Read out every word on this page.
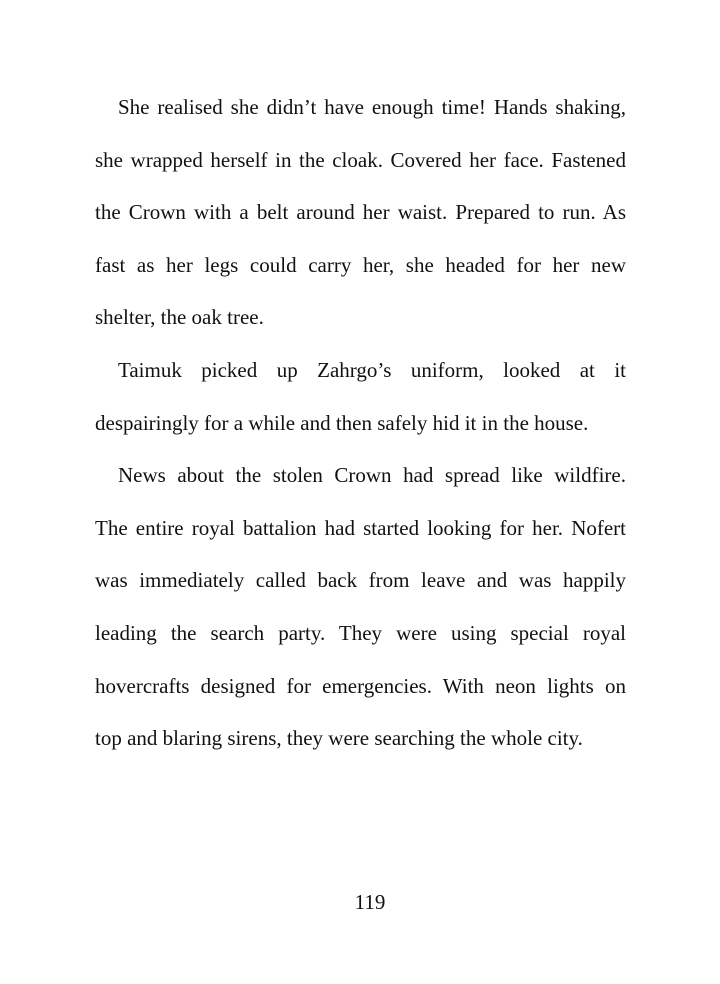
She realised she didn’t have enough time! Hands shaking,
she wrapped herself in the cloak. Covered her face. Fastened
the Crown with a belt around her waist. Prepared to run. As
fast as her legs could carry her, she headed for her new
shelter, the oak tree.
Taimuk picked up Zahrgo’s uniform, looked at it
despairingly for a while and then safely hid it in the house.
News about the stolen Crown had spread like wildfire.
The entire royal battalion had started looking for her. Nofert
was immediately called back from leave and was happily
leading the search party. They were using special royal
hovercrafts designed for emergencies. With neon lights on
top and blaring sirens, they were searching the whole city.
119
